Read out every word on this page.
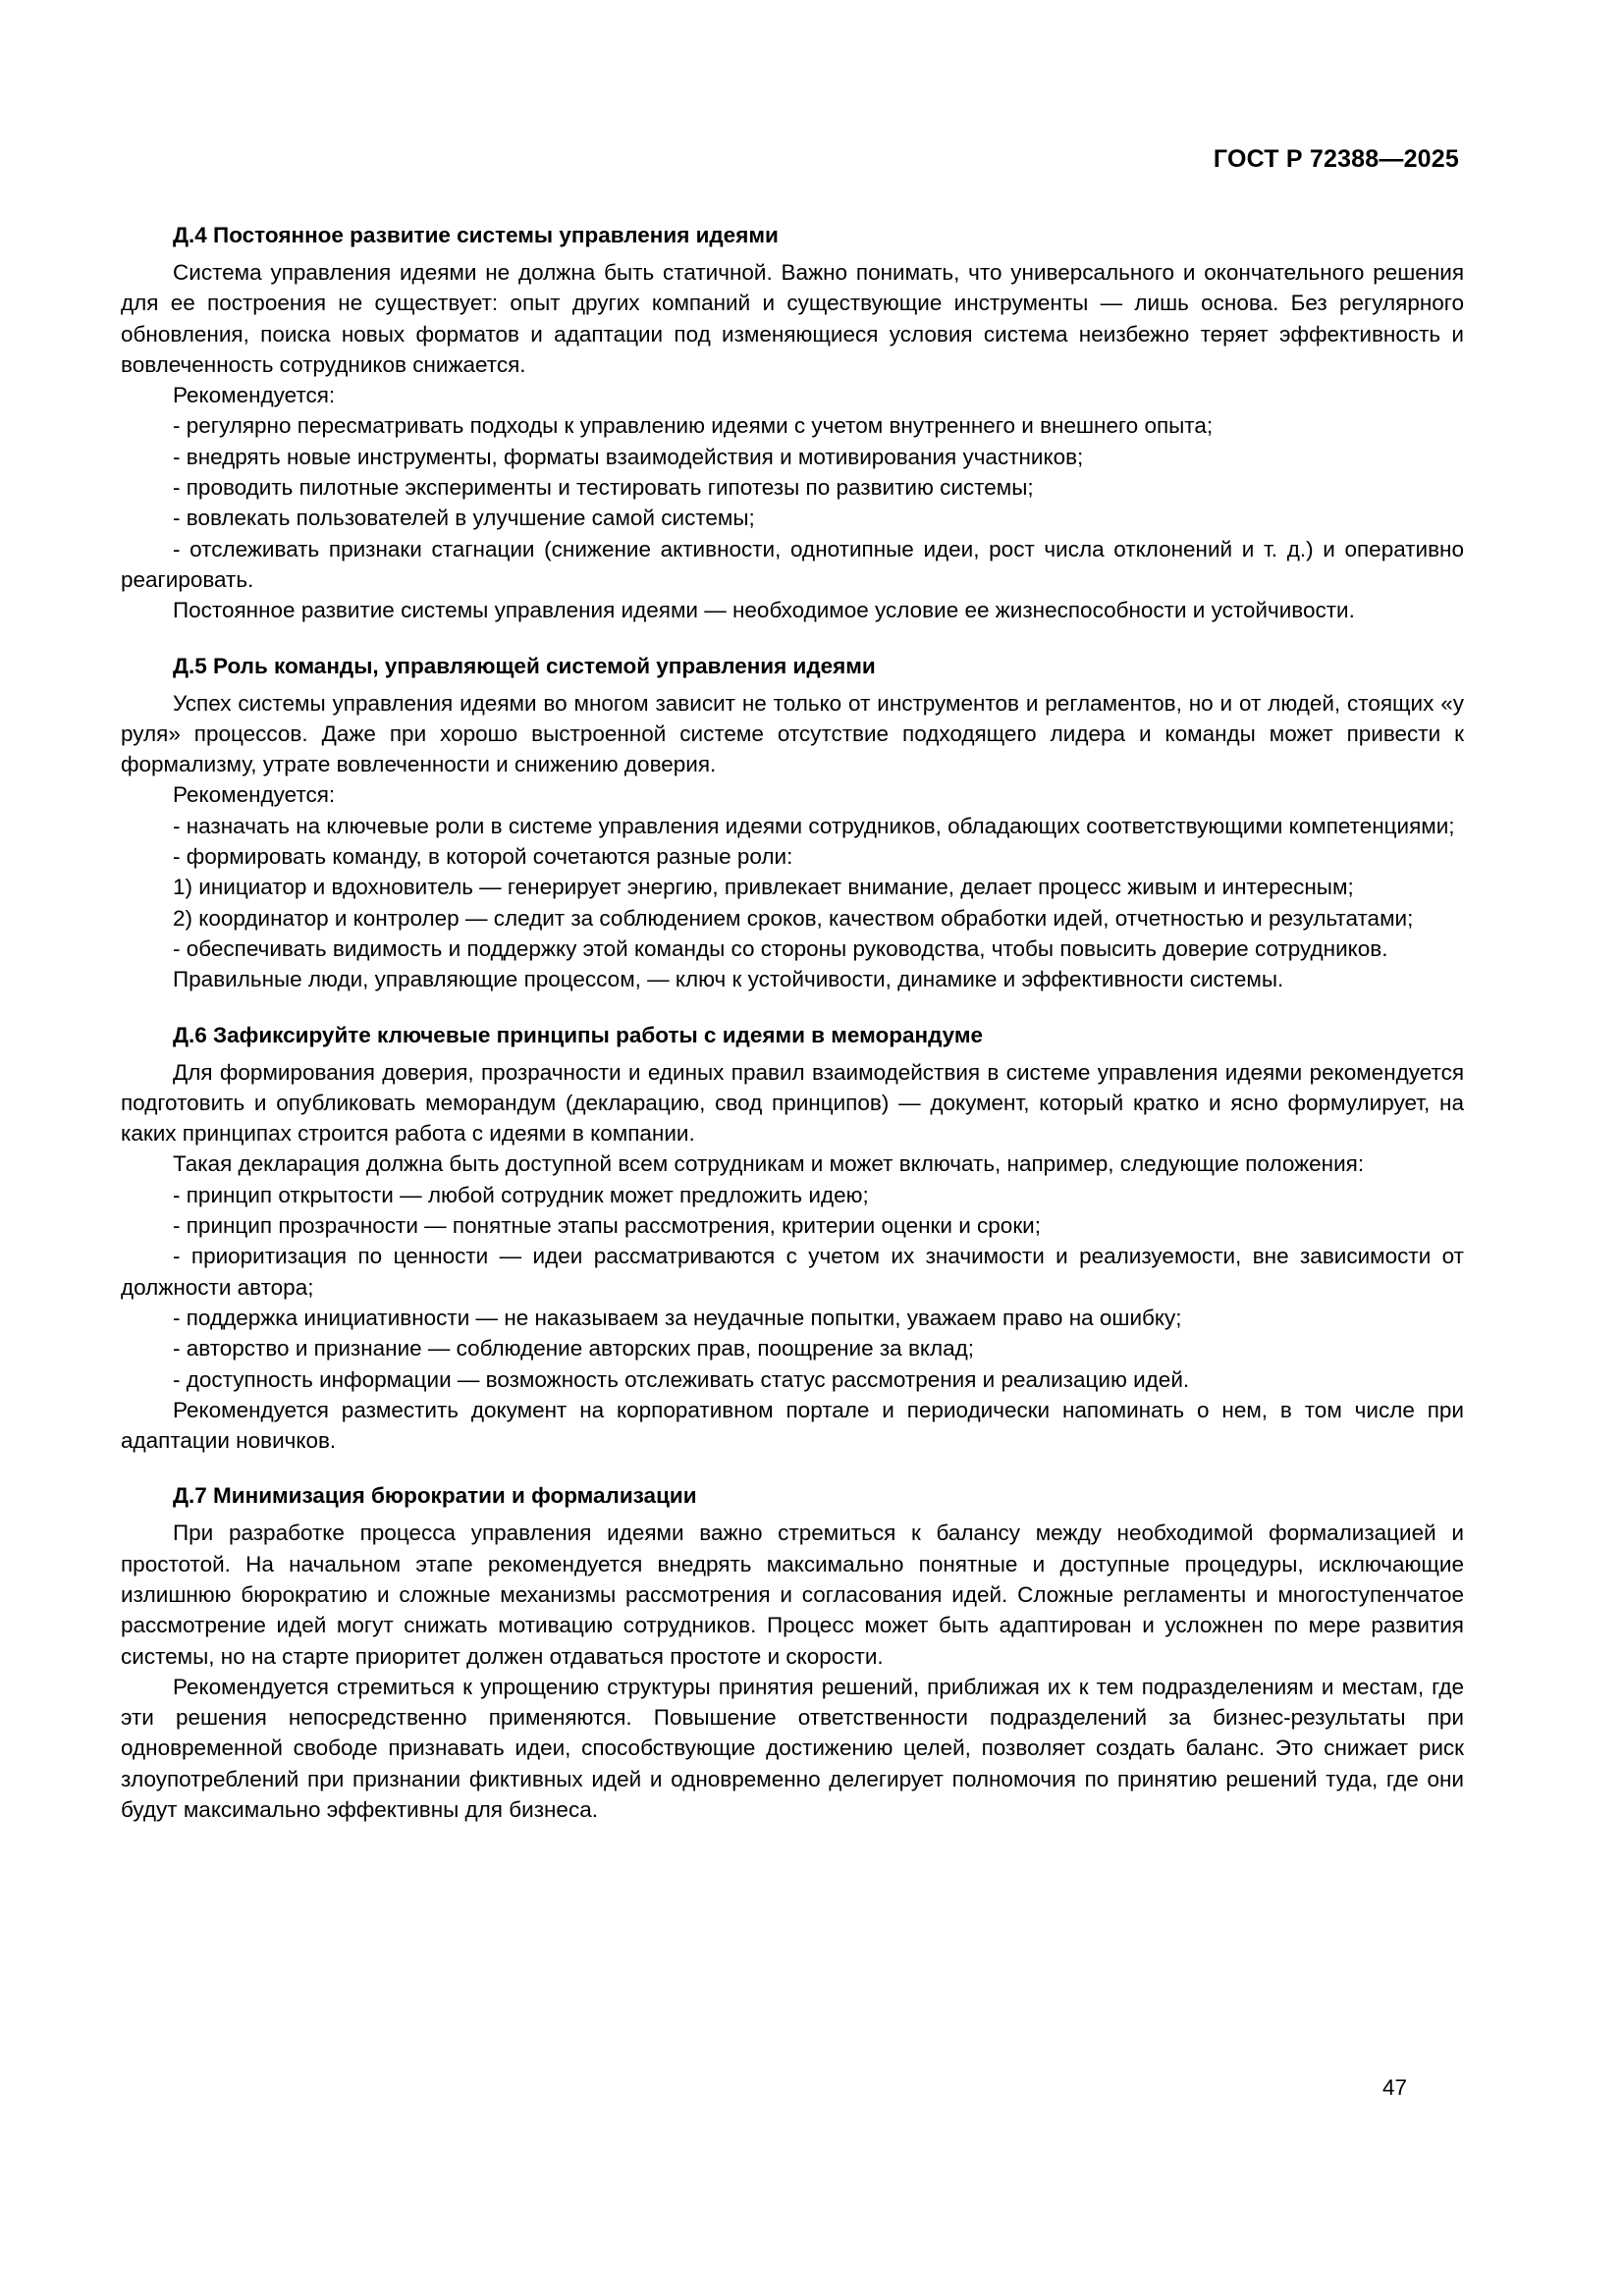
ГОСТ Р 72388—2025
Д.4 Постоянное развитие системы управления идеями

Система управления идеями не должна быть статичной. Важно понимать, что универсального и окончательного решения для ее построения не существует: опыт других компаний и существующие инструменты — лишь основа. Без регулярного обновления, поиска новых форматов и адаптации под изменяющиеся условия система неизбежно теряет эффективность и вовлеченность сотрудников снижается.

Рекомендуется:

- регулярно пересматривать подходы к управлению идеями с учетом внутреннего и внешнего опыта;

- внедрять новые инструменты, форматы взаимодействия и мотивирования участников;

- проводить пилотные эксперименты и тестировать гипотезы по развитию системы;

- вовлекать пользователей в улучшение самой системы;

- отслеживать признаки стагнации (снижение активности, однотипные идеи, рост числа отклонений и т. д.) и оперативно реагировать.

Постоянное развитие системы управления идеями — необходимое условие ее жизнеспособности и устойчивости.

Д.5 Роль команды, управляющей системой управления идеями

Успех системы управления идеями во многом зависит не только от инструментов и регламентов, но и от людей, стоящих «у руля» процессов. Даже при хорошо выстроенной системе отсутствие подходящего лидера и команды может привести к формализму, утрате вовлеченности и снижению доверия.

Рекомендуется:

- назначать на ключевые роли в системе управления идеями сотрудников, обладающих соответствующими компетенциями;

- формировать команду, в которой сочетаются разные роли:

1) инициатор и вдохновитель — генерирует энергию, привлекает внимание, делает процесс живым и интересным;

2) координатор и контролер — следит за соблюдением сроков, качеством обработки идей, отчетностью и результатами;

- обеспечивать видимость и поддержку этой команды со стороны руководства, чтобы повысить доверие сотрудников.

Правильные люди, управляющие процессом, — ключ к устойчивости, динамике и эффективности системы.

Д.6 Зафиксируйте ключевые принципы работы с идеями в меморандуме

Для формирования доверия, прозрачности и единых правил взаимодействия в системе управления идеями рекомендуется подготовить и опубликовать меморандум (декларацию, свод принципов) — документ, который кратко и ясно формулирует, на каких принципах строится работа с идеями в компании.

Такая декларация должна быть доступной всем сотрудникам и может включать, например, следующие положения:

- принцип открытости — любой сотрудник может предложить идею;

- принцип прозрачности — понятные этапы рассмотрения, критерии оценки и сроки;

- приоритизация по ценности — идеи рассматриваются с учетом их значимости и реализуемости, вне зависимости от должности автора;

- поддержка инициативности — не наказываем за неудачные попытки, уважаем право на ошибку;

- авторство и признание — соблюдение авторских прав, поощрение за вклад;

- доступность информации — возможность отслеживать статус рассмотрения и реализацию идей.

Рекомендуется разместить документ на корпоративном портале и периодически напоминать о нем, в том числе при адаптации новичков.

Д.7 Минимизация бюрократии и формализации

При разработке процесса управления идеями важно стремиться к балансу между необходимой формализацией и простотой. На начальном этапе рекомендуется внедрять максимально понятные и доступные процедуры, исключающие излишнюю бюрократию и сложные механизмы рассмотрения и согласования идей. Сложные регламенты и многоступенчатое рассмотрение идей могут снижать мотивацию сотрудников. Процесс может быть адаптирован и усложнен по мере развития системы, но на старте приоритет должен отдаваться простоте и скорости.

Рекомендуется стремиться к упрощению структуры принятия решений, приближая их к тем подразделениям и местам, где эти решения непосредственно применяются. Повышение ответственности подразделений за бизнес-результаты при одновременной свободе признавать идеи, способствующие достижению целей, позволяет создать баланс. Это снижает риск злоупотреблений при признании фиктивных идей и одновременно делегирует полномочия по принятию решений туда, где они будут максимально эффективны для бизнеса.

47
